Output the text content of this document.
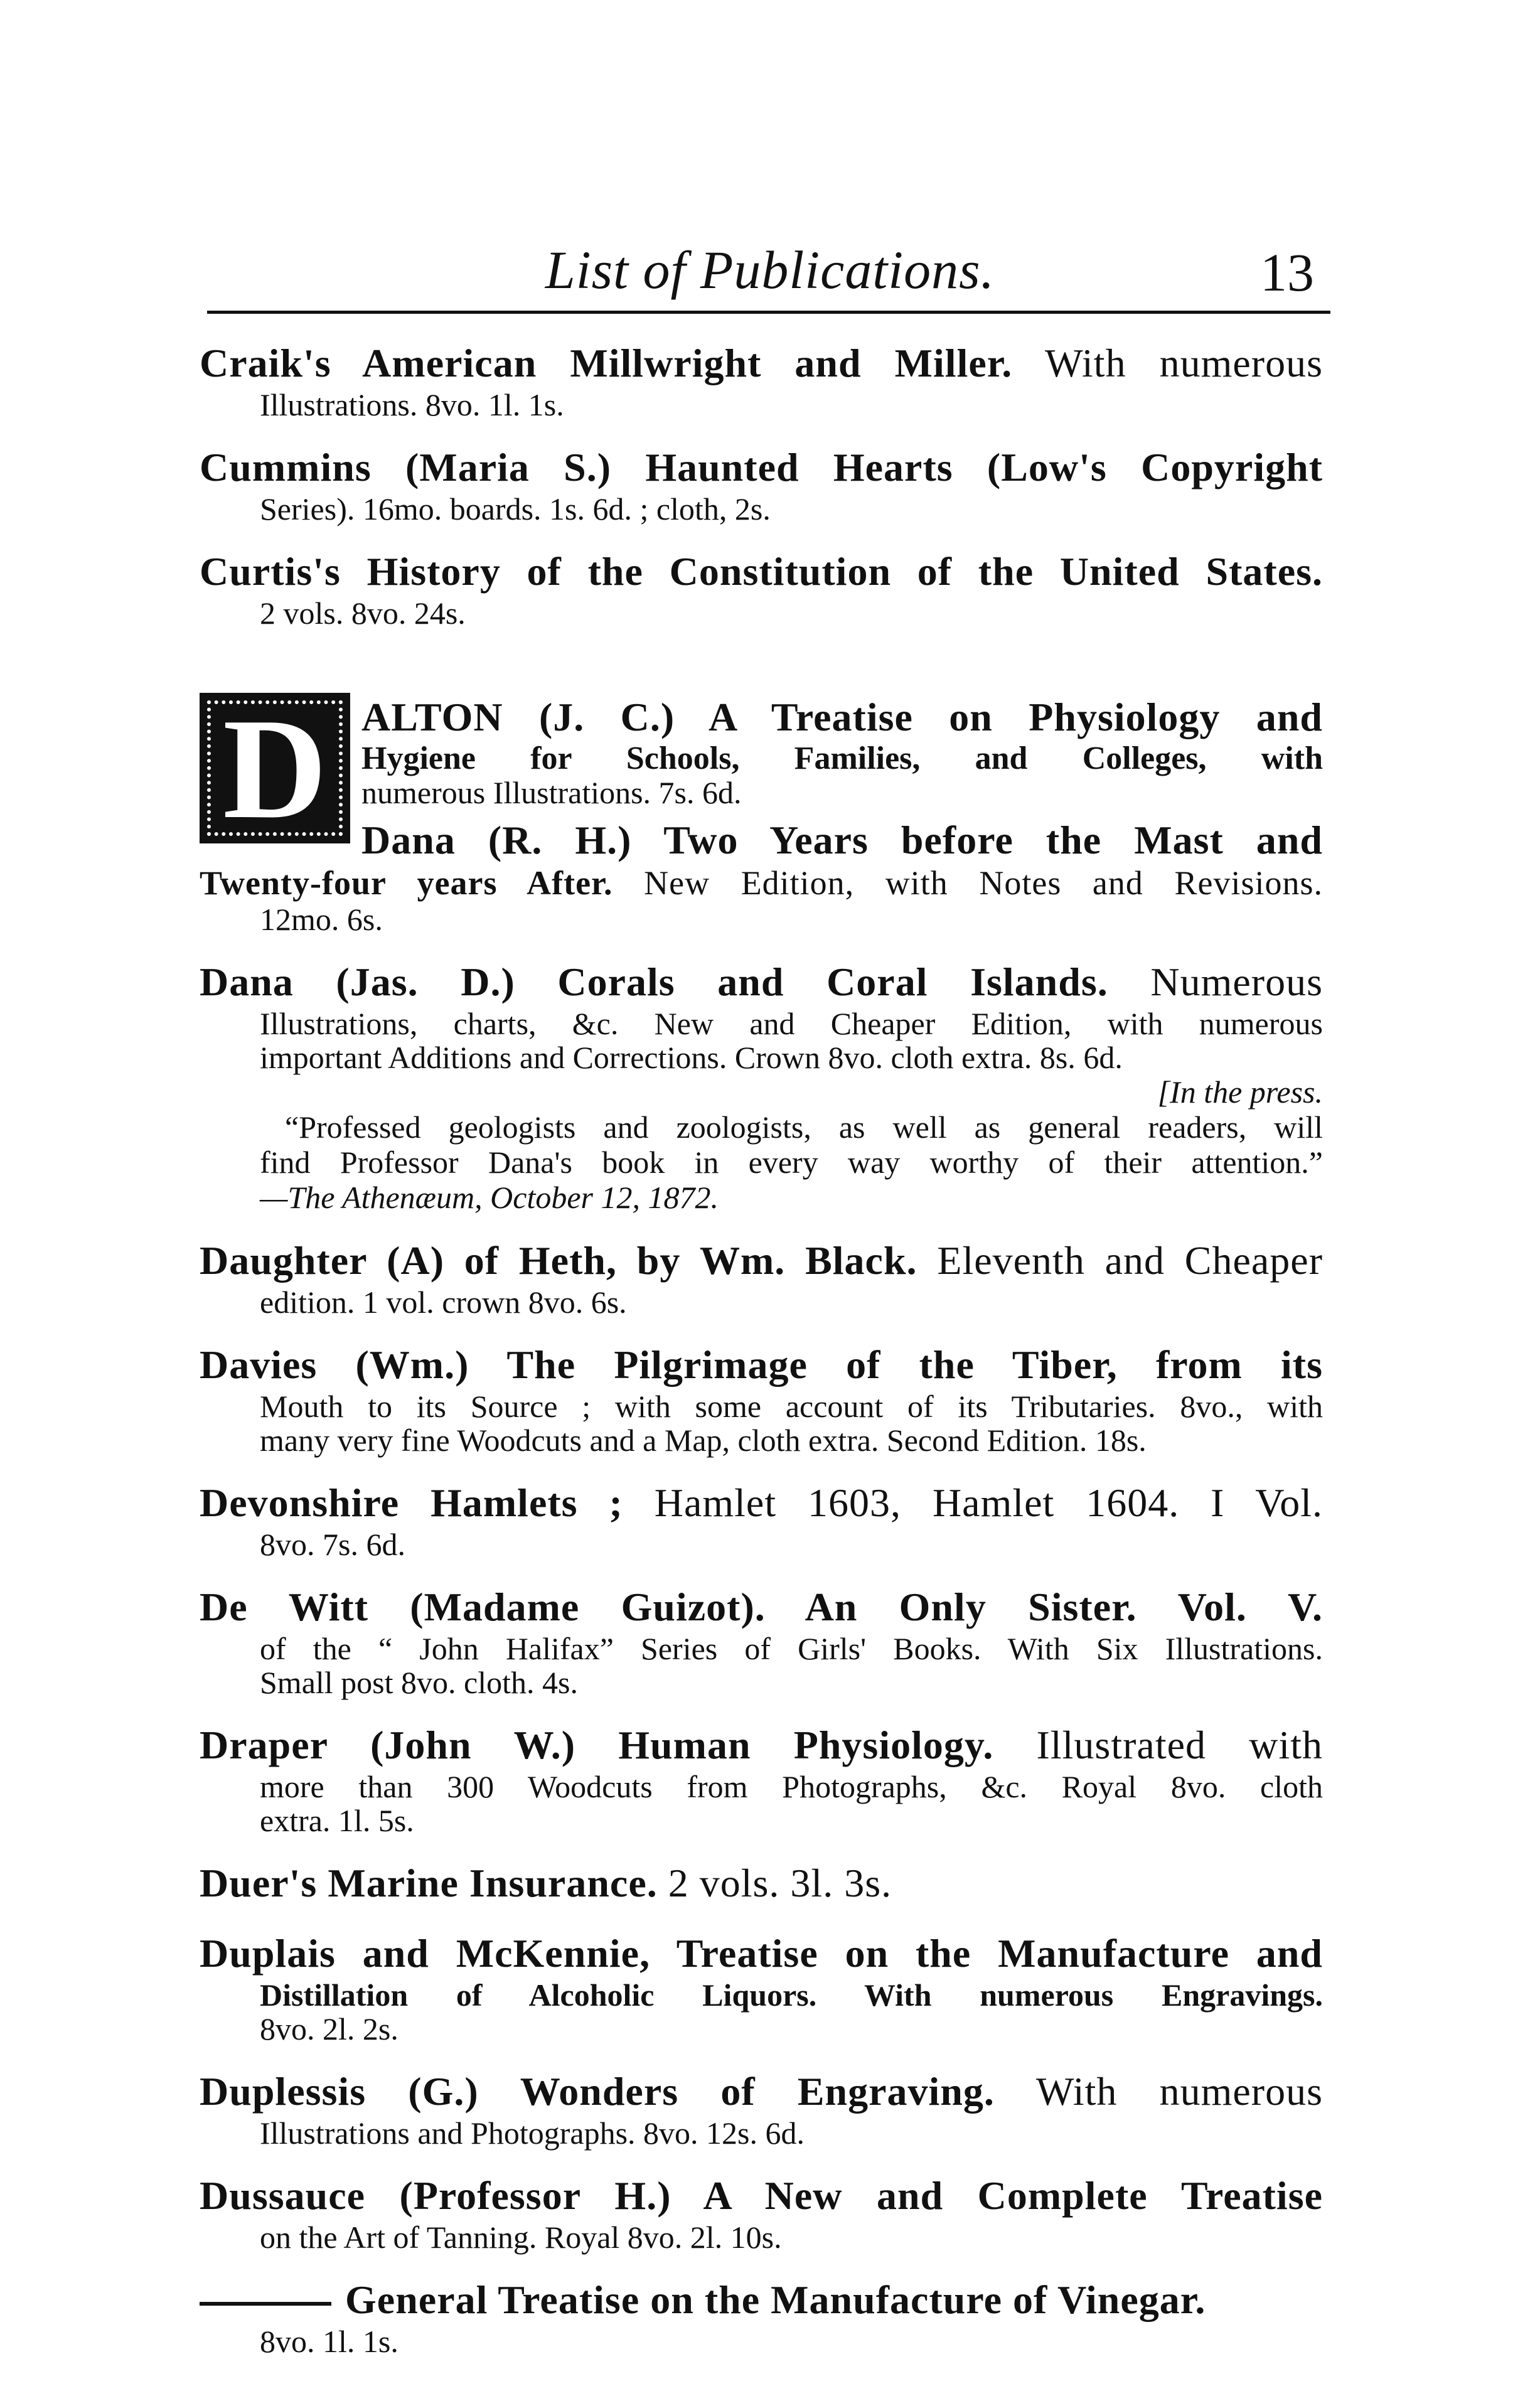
List of Publications.	13
Craik's American Millwright and Miller. With numerous
Illustrations. 8vo. 1l. 1s.
Cummins (Maria S.) Haunted Hearts (Low's Copyright
Series). 16mo. boards. 1s. 6d. ; cloth, 2s.
Curtis's History of the Constitution of the United States.
2 vols. 8vo. 24s.
D ALTON (J. C.) A Treatise on Physiology and
Hygiene for Schools, Families, and Colleges, with
numerous Illustrations. 7s. 6d.
Dana (R. H.) Two Years before the Mast and
Twenty-four years After. New Edition, with Notes and Revisions.
12mo. 6s.
Dana (Jas. D.) Corals and Coral Islands. Numerous
Illustrations, charts, &c. New and Cheaper Edition, with numerous
important Additions and Corrections. Crown 8vo. cloth extra. 8s. 6d.
[In the press.
“Professed geologists and zoologists, as well as general readers, will
find Professor Dana's book in every way worthy of their attention.”
—The Athenæum, October 12, 1872.
Daughter (A) of Heth, by Wm. Black. Eleventh and Cheaper
edition. 1 vol. crown 8vo. 6s.
Davies (Wm.) The Pilgrimage of the Tiber, from its
Mouth to its Source ; with some account of its Tributaries. 8vo., with
many very fine Woodcuts and a Map, cloth extra. Second Edition. 18s.
Devonshire Hamlets ; Hamlet 1603, Hamlet 1604. I Vol.
8vo. 7s. 6d.
De Witt (Madame Guizot). An Only Sister. Vol. V.
of the “ John Halifax” Series of Girls' Books. With Six Illustrations.
Small post 8vo. cloth. 4s.
Draper (John W.) Human Physiology. Illustrated with
more than 300 Woodcuts from Photographs, &c. Royal 8vo. cloth
extra. 1l. 5s.
Duer's Marine Insurance. 2 vols. 3l. 3s.
Duplais and McKennie, Treatise on the Manufacture and
Distillation of Alcoholic Liquors. With numerous Engravings.
8vo. 2l. 2s.
Duplessis (G.) Wonders of Engraving. With numerous
Illustrations and Photographs. 8vo. 12s. 6d.
Dussauce (Professor H.) A New and Complete Treatise
on the Art of Tanning. Royal 8vo. 2l. 10s.
General Treatise on the Manufacture of Vinegar.
8vo. 1l. 1s.
